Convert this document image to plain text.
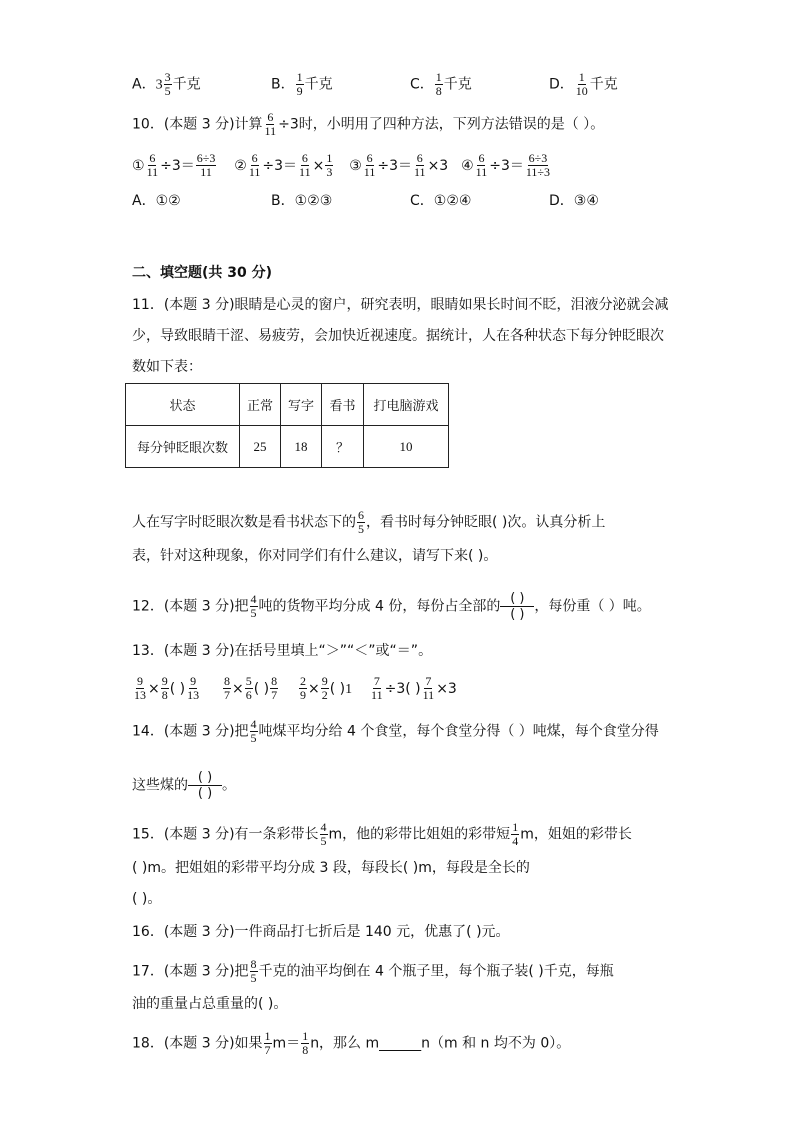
A．$3 \frac{3}{5}$ 千克	B． $\frac{1}{9}$ 千克	C． $\frac{1}{8}$ 千克	D． $\frac{1}{10}$ 千克
10．(本题 3 分)计算 $\frac{6}{11} \div 3$时，小明用了四种方法，下列方法错误的是（ ）。
① $\frac{6}{11} \div 3= \frac{6\div 3}{11}$ ② $\frac{6}{11} \div 3= \frac{6}{11} \times \frac{1}{3}$ ③ $\frac{6}{11} \div 3= \frac{6}{11} \times 3$ ④ $\frac{6}{11} \div 3= \frac{6\div 3}{11\div 3}$
A．①②	B．①②③	C．①②④	D．③④
二、填空题(共 30 分)
11．(本题 3 分)眼睛是心灵的窗户，研究表明，眼睛如果长时间不眨，泪液分泌就会减
少，导致眼睛干涩、易疲劳，会加快近视速度。据统计，人在各种状态下每分钟眨眼次
数如下表：
状态	正常	写字	看书	打电脑游戏
每分钟眨眼次数	25	18	？	10
人在写字时眨眼次数是看书状态下的 $\frac{6}{5}$ ，看书时每分钟眨眼( )次。认真分析上
表，针对这种现象，你对同学们有什么建议，请写下来( )。
12．(本题 3 分)把 $\frac{4}{5}$ 吨的货物平均分成 4 份，每份占全部的 ( )
( ) ，每份重（ ）吨。
13．(本题 3 分)在括号里填上“＞”“＜”或“＝”。
$\frac{9}{13} \times \frac{9}{8}$ ( ) $\frac{9}{13}$
$\frac{8}{7} \times \frac{5}{6}$ ( ) $\frac{8}{7}$
$\frac{2}{9} \times \frac{9}{2}$ ( )$1 \frac{7}{11} \div 3$( ) $\frac{7}{11} \times 3$
14．(本题 3 分)把 $\frac{4}{5}$ 吨煤平均分给 4 个食堂，每个食堂分得（ ）吨煤，每个食堂分得
这些煤的 ( )
( ) 。
15．(本题 3 分)有一条彩带长 $\frac{4}{5}$ m，他的彩带比姐姐的彩带短 $\frac{1}{4}$ m，姐姐的彩带长
( )m。把姐姐的彩带平均分成 3 段，每段长( )m，每段是全长的
( )。
16．(本题 3 分)一件商品打七折后是 140 元，优惠了( )元。
17．(本题 3 分)把 $\frac{8}{5}$ 千克的油平均倒在 4 个瓶子里，每个瓶子装( )千克，每瓶
油的重量占总重量的( )。
18．(本题 3 分)如果 $\frac{1}{7} m= \frac{1}{8}$ n，那么 m______n（m 和 n 均不为 0）。
